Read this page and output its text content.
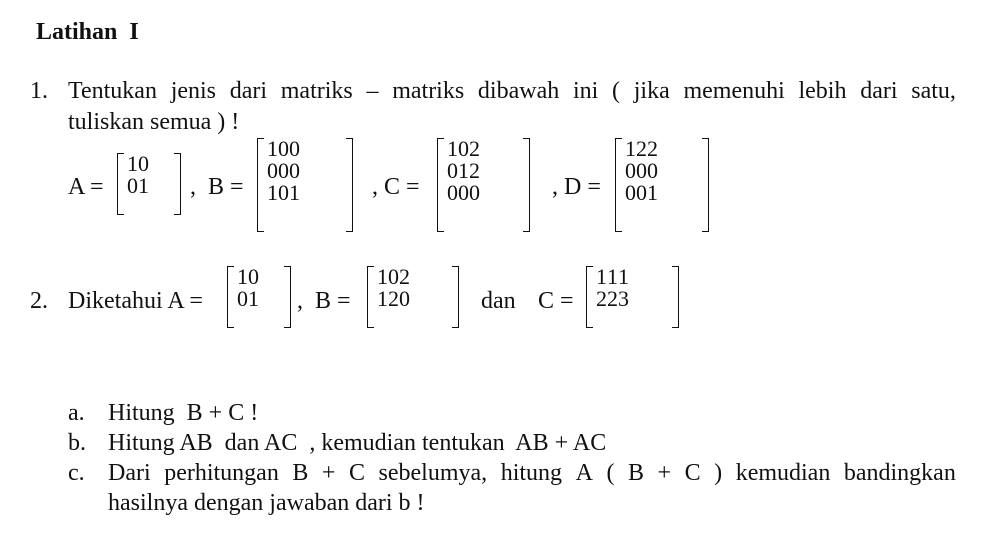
Latihan  I
1. Tentukan jenis dari matriks – matriks dibawah ini ( jika memenuhi lebih dari satu,
tuliskan semua ) !
A =	,  B =	, C =	, D =
1	0
0	1
1	0	0
0	0	0
1	0	1
1	0	2
0	1	2
0	0	0
1	2	2
0	0	0
0	0	1
2. Diketahui A =	,  B =	dan C =
1	0
0	1
1	0	2
1	2	0
1	1	1
2	2	3
a. Hitung  B + C !
b. Hitung AB  dan AC  , kemudian tentukan  AB + AC
c. Dari perhitungan B + C sebelumya, hitung A ( B + C ) kemudian bandingkan
hasilnya dengan jawaban dari b !
